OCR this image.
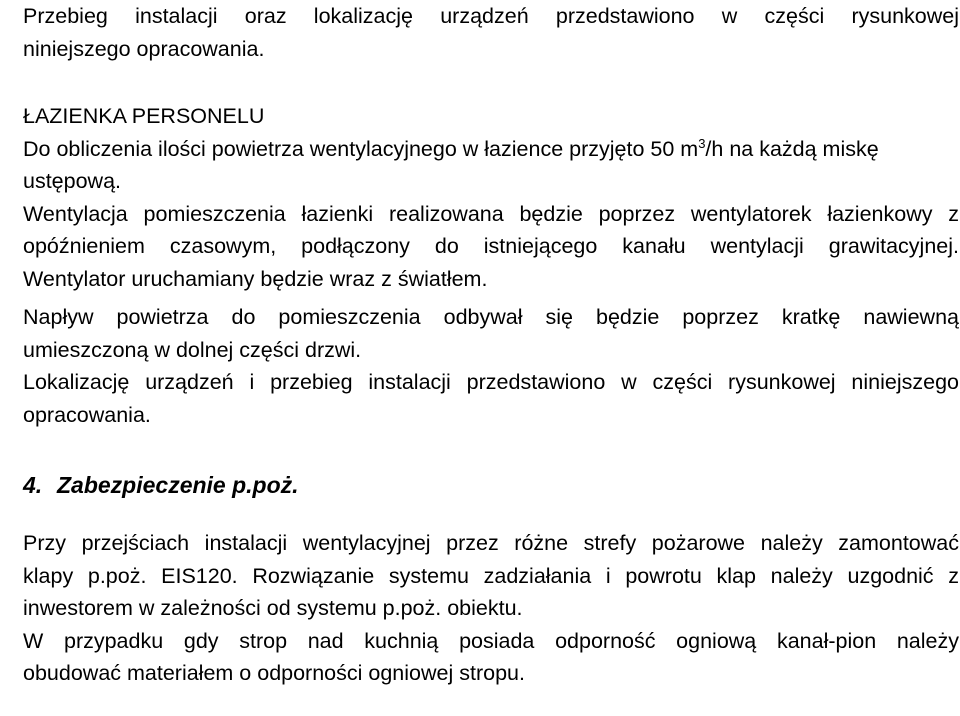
Przebieg instalacji oraz lokalizację urządzeń przedstawiono w części rysunkowej
niniejszego opracowania.

ŁAZIENKA PERSONELU

Do obliczenia ilości powietrza wentylacyjnego w łazience przyjęto 50 $m^3/h$ na każdą miskę
ustępową.

Wentylacja pomieszczenia łazienki realizowana będzie poprzez wentylatorek łazienkowy z
opóźnieniem czasowym, podłączony do istniejącego kanału wentylacji grawitacyjnej.
Wentylator uruchamiany będzie wraz z światłem.

Napływ powietrza do pomieszczenia odbywał się będzie poprzez kratkę nawiewną
umieszczoną w dolnej części drzwi.

Lokalizację urządzeń i przebieg instalacji przedstawiono w części rysunkowej niniejszego
opracowania.

4. Zabezpieczenie p.poż.

Przy przejściach instalacji wentylacyjnej przez różne strefy pożarowe należy zamontować
klapy p.poż. EIS120. Rozwiązanie systemu zadziałania i powrotu klap należy uzgodnić z
inwestorem w zależności od systemu p.poż. obiektu.

W przypadku gdy strop nad kuchnią posiada odporność ogniową kanał-pion należy
obudować materiałem o odporności ogniowej stropu.
